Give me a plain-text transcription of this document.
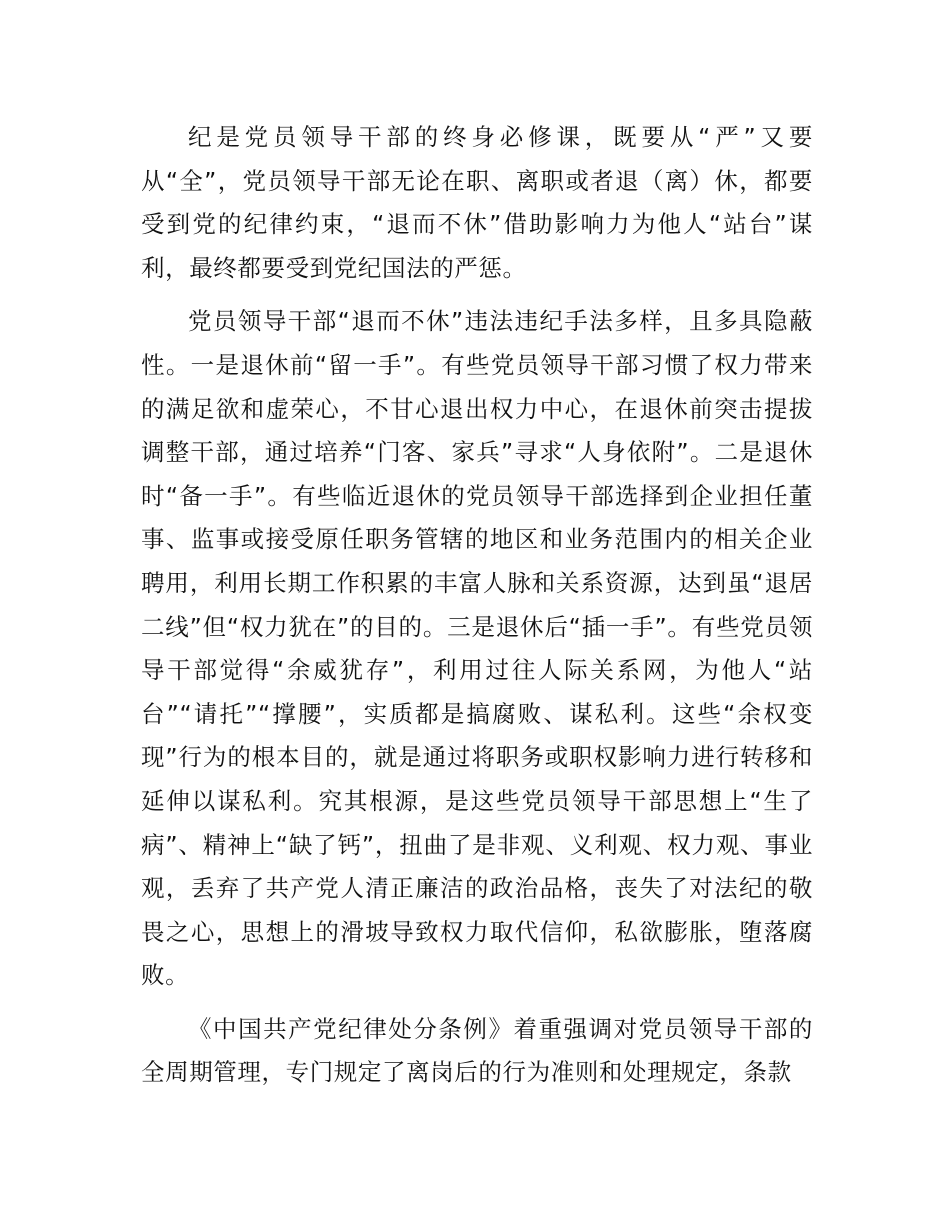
纪是党员领导干部的终身必修课，既要从“严”又要从“全”，党员领导干部无论在职、离职或者退（离）休，都要受到党的纪律约束，“退而不休”借助影响力为他人“站台”谋利，最终都要受到党纪国法的严惩。

党员领导干部“退而不休”违法违纪手法多样，且多具隐蔽性。一是退休前“留一手”。有些党员领导干部习惯了权力带来的满足欲和虚荣心，不甘心退出权力中心，在退休前突击提拔调整干部，通过培养“门客、家兵”寻求“人身依附”。二是退休时“备一手”。有些临近退休的党员领导干部选择到企业担任董事、监事或接受原任职务管辖的地区和业务范围内的相关企业聘用，利用长期工作积累的丰富人脉和关系资源，达到虽“退居二线”但“权力犹在”的目的。三是退休后“插一手”。有些党员领导干部觉得“余威犹存”，利用过往人际关系网，为他人“站台”“请托”“撑腰”，实质都是搞腐败、谋私利。这些“余权变现”行为的根本目的，就是通过将职务或职权影响力进行转移和延伸以谋私利。究其根源，是这些党员领导干部思想上“生了病”、精神上“缺了钙”，扭曲了是非观、义利观、权力观、事业观，丢弃了共产党人清正廉洁的政治品格，丧失了对法纪的敬畏之心，思想上的滑坡导致权力取代信仰，私欲膨胀，堕落腐败。

《中国共产党纪律处分条例》着重强调对党员领导干部的全周期管理，专门规定了离岗后的行为准则和处理规定，条款
